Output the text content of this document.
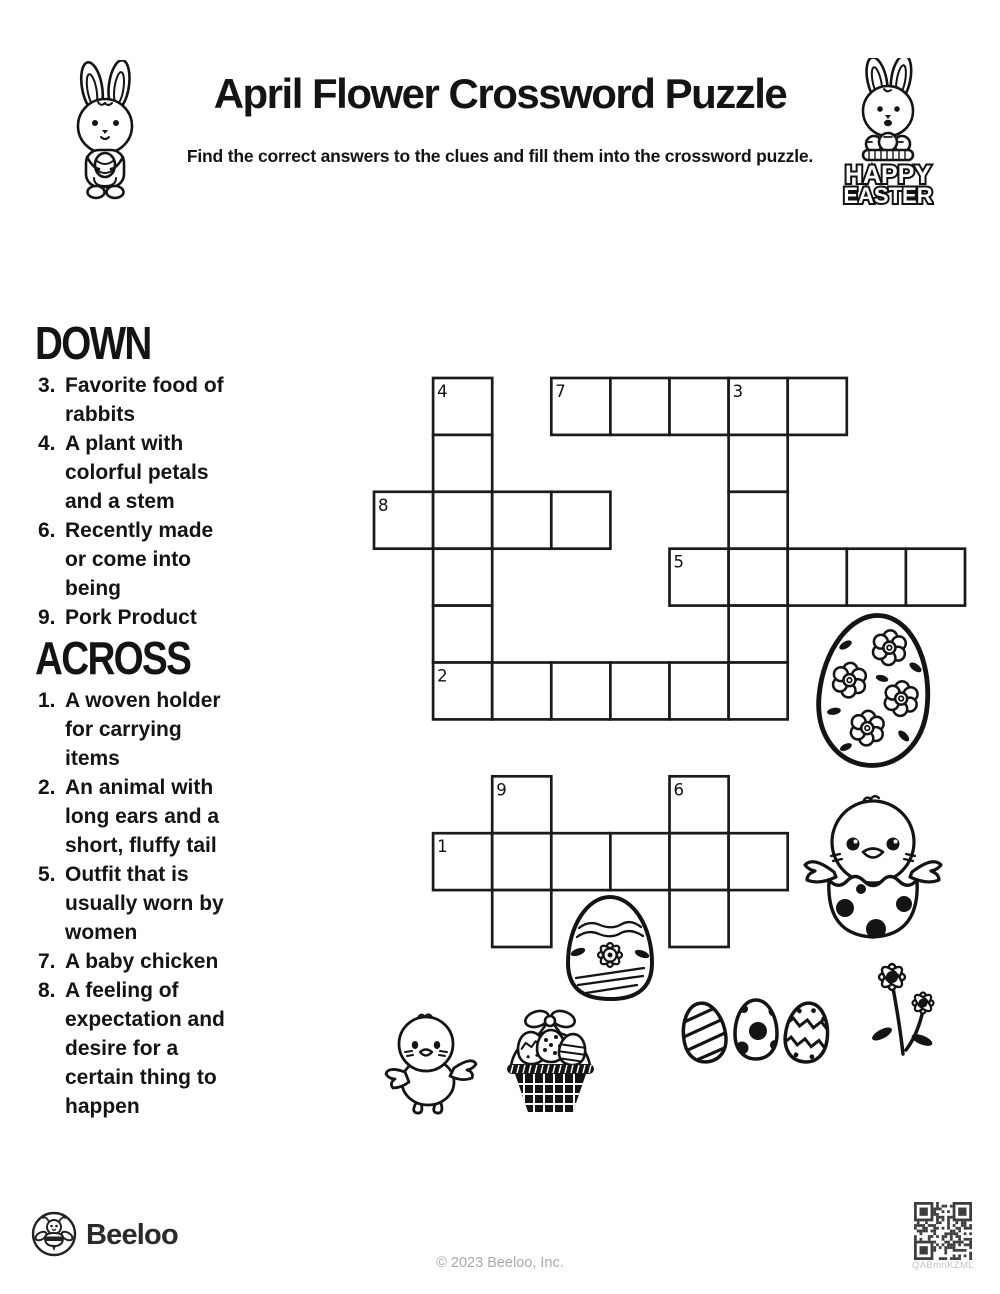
April Flower Crossword Puzzle
Find the correct answers to the clues and fill them into the crossword puzzle.
HAPPY
EASTER
DOWN
3. Favorite food of rabbits
4. A plant with colorful petals and a stem
6. Recently made or come into being
9. Pork Product
ACROSS
1. A woven holder for carrying items
2. An animal with long ears and a short, fluffy tail
5. Outfit that is usually worn by women
7. A baby chicken
8. A feeling of expectation and desire for a certain thing to happen
4	7	3
8
5
2
9	6
1
Beeloo
© 2023 Beeloo, Inc.	QABmnKZML
